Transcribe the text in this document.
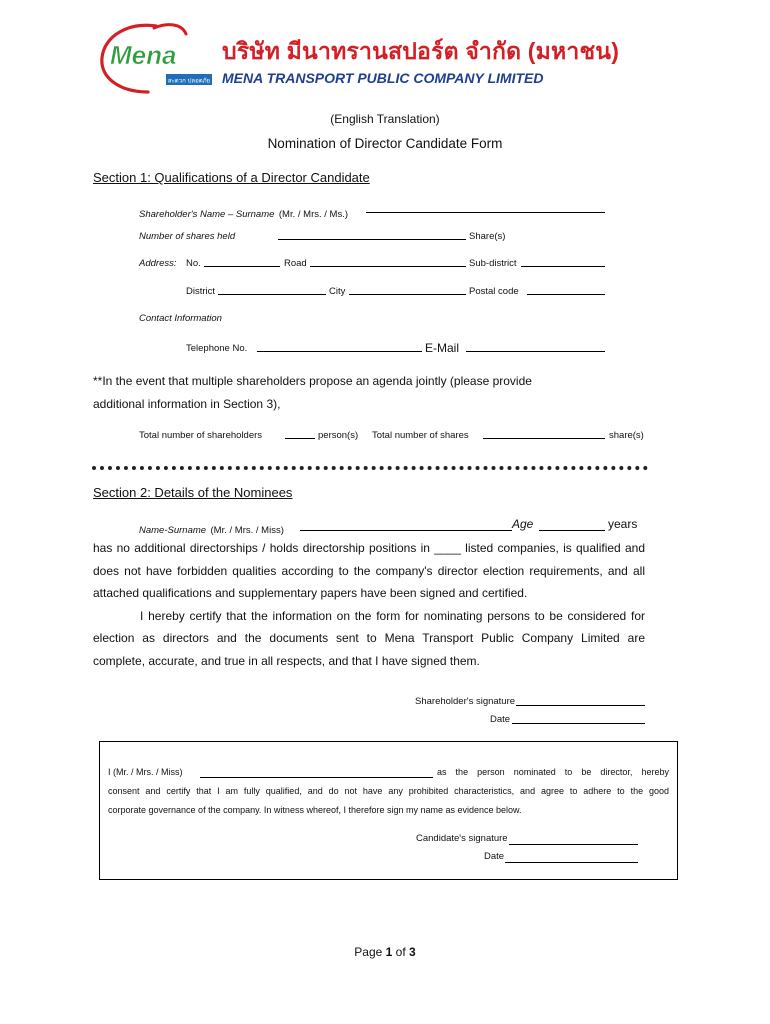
Mena
สะดวก ปลอดภัย
บริษัท มีนาทรานสปอร์ต จำกัด (มหาชน)
MENA TRANSPORT PUBLIC COMPANY LIMITED
(English Translation)
Nomination of Director Candidate Form
Section 1: Qualifications of a Director Candidate
Shareholder's Name – Surname (Mr. / Mrs. / Ms.)
Number of shares held	Share(s)
Address: No.	Road	Sub-district
District	City	Postal code
Contact Information
Telephone No.	E-Mail
**In the event that multiple shareholders propose an agenda jointly (please provide
additional information in Section 3),
Total number of shareholders	person(s) Total number of shares	share(s)
Section 2: Details of the Nominees
Name-Surname (Mr. / Mrs. / Miss)	Age	years
has no additional directorships / holds directorship positions in ____ listed companies, is qualified and
does not have forbidden qualities according to the company's director election requirements, and all
attached qualifications and supplementary papers have been signed and certified.
I hereby certify that the information on the form for nominating persons to be considered for
election as directors and the documents sent to Mena Transport Public Company Limited are
complete, accurate, and true in all respects, and that I have signed them.
Shareholder's signature
Date
I (Mr. / Mrs. / Miss)	as the person nominated to be director, hereby
consent and certify that I am fully qualified, and do not have any prohibited characteristics, and agree to adhere to the good
corporate governance of the company. In witness whereof, I therefore sign my name as evidence below.
Candidate's signature
Date
Page 1 of 3
